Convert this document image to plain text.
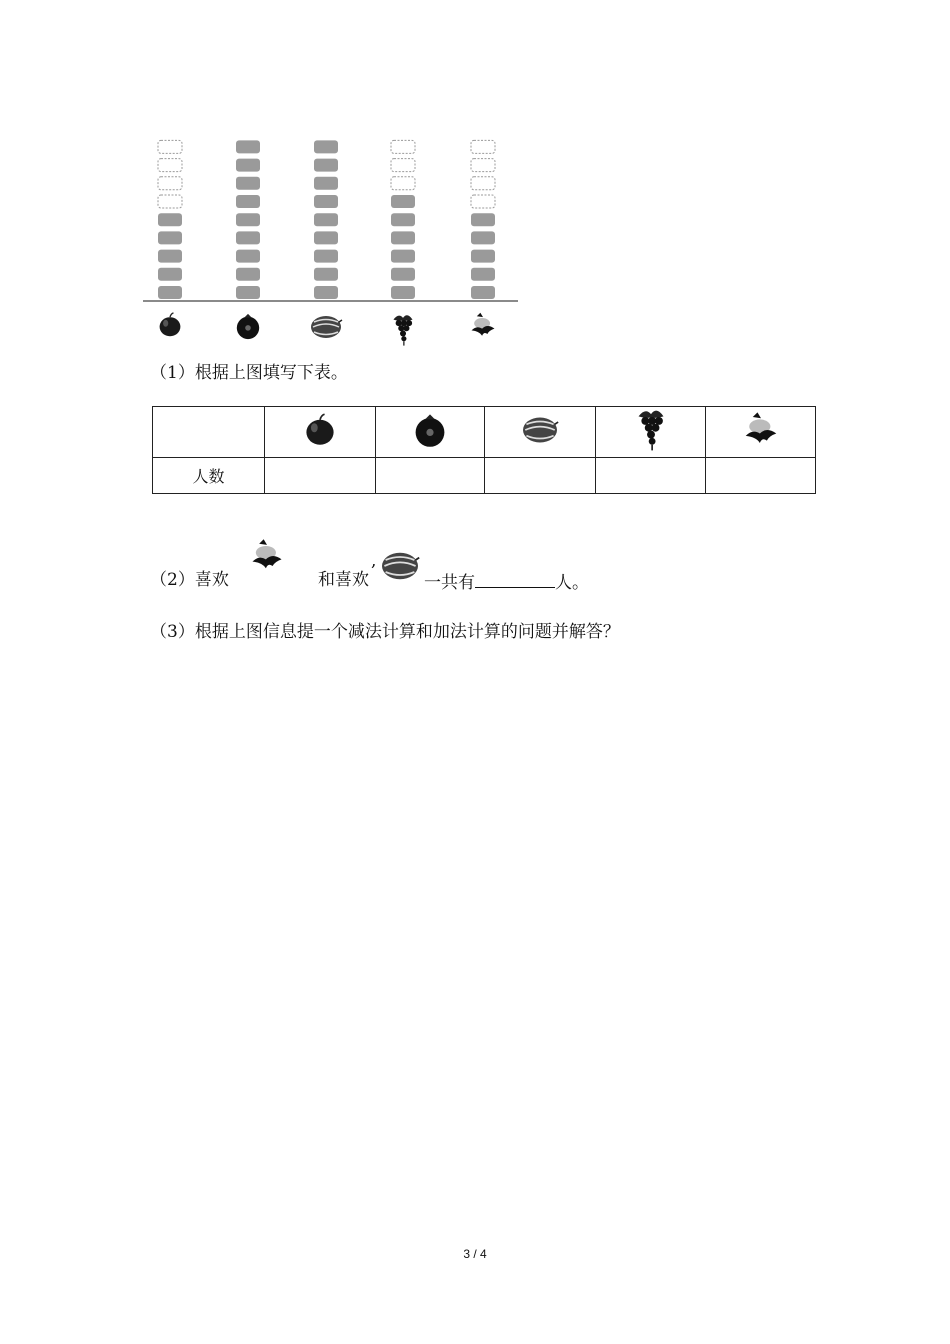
（1）根据上图填写下表。

人数					
（2）喜欢	和喜欢
,
一共有	人。
（3）根据上图信息提一个减法计算和加法计算的问题并解答？
3 / 4
